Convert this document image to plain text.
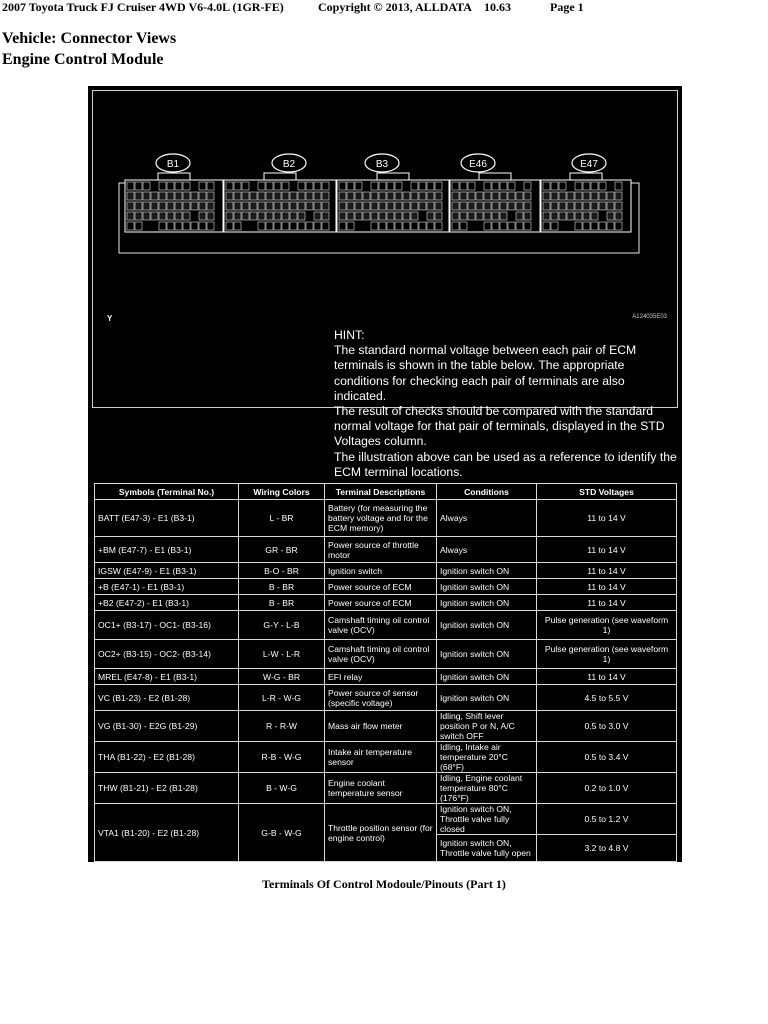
2007 Toyota Truck FJ Cruiser 4WD V6-4.0L (1GR-FE)	Copyright © 2013, ALLDATA 10.63	Page 1
Vehicle: Connector Views
Engine Control Module
B1	B2	B3	E46	E47
Y	A124035E03
HINT:
The standard normal voltage between each pair of ECM terminals is shown in the table below. The appropriate conditions for checking each pair of terminals are also indicated.
The result of checks should be compared with the standard normal voltage for that pair of terminals, displayed in the STD Voltages column.
The illustration above can be used as a reference to identify the ECM terminal locations.
Symbols (Terminal No.)	Wiring Colors	Terminal Descriptions	Conditions	STD Voltages
BATT (E47-3) - E1 (B3-1)	L - BR	Battery (for measuring the battery voltage and for the ECM memory)	Always	11 to 14 V
+BM (E47-7) - E1 (B3-1)	GR - BR	Power source of throttle motor	Always	11 to 14 V
IGSW (E47-9) - E1 (B3-1)	B-O - BR	Ignition switch	Ignition switch ON	11 to 14 V
+B (E47-1) - E1 (B3-1)	B - BR	Power source of ECM	Ignition switch ON	11 to 14 V
+B2 (E47-2) - E1 (B3-1)	B - BR	Power source of ECM	Ignition switch ON	11 to 14 V
OC1+ (B3-17) - OC1- (B3-16)	G-Y - L-B	Camshaft timing oil control valve (OCV)	Ignition switch ON	Pulse generation (see waveform 1)
OC2+ (B3-15) - OC2- (B3-14)	L-W - L-R	Camshaft timing oil control valve (OCV)	Ignition switch ON	Pulse generation (see waveform 1)
MREL (E47-8) - E1 (B3-1)	W-G - BR	EFI relay	Ignition switch ON	11 to 14 V
VC (B1-23) - E2 (B1-28)	L-R - W-G	Power source of sensor (specific voltage)	Ignition switch ON	4.5 to 5.5 V
VG (B1-30) - E2G (B1-29)	R - R-W	Mass air flow meter	Idling, Shift lever position P or N, A/C switch OFF	0.5 to 3.0 V
THA (B1-22) - E2 (B1-28)	R-B - W-G	Intake air temperature sensor	Idling, Intake air temperature 20°C (68°F)	0.5 to 3.4 V
THW (B1-21) - E2 (B1-28)	B - W-G	Engine coolant temperature sensor	Idling, Engine coolant temperature 80°C (176°F)	0.2 to 1.0 V
VTA1 (B1-20) - E2 (B1-28)	G-B - W-G	Throttle position sensor (for engine control)	Ignition switch ON, Throttle valve fully closed	0.5 to 1.2 V
			Ignition switch ON, Throttle valve fully open	3.2 to 4.8 V
Terminals Of Control Modoule/Pinouts (Part 1)
